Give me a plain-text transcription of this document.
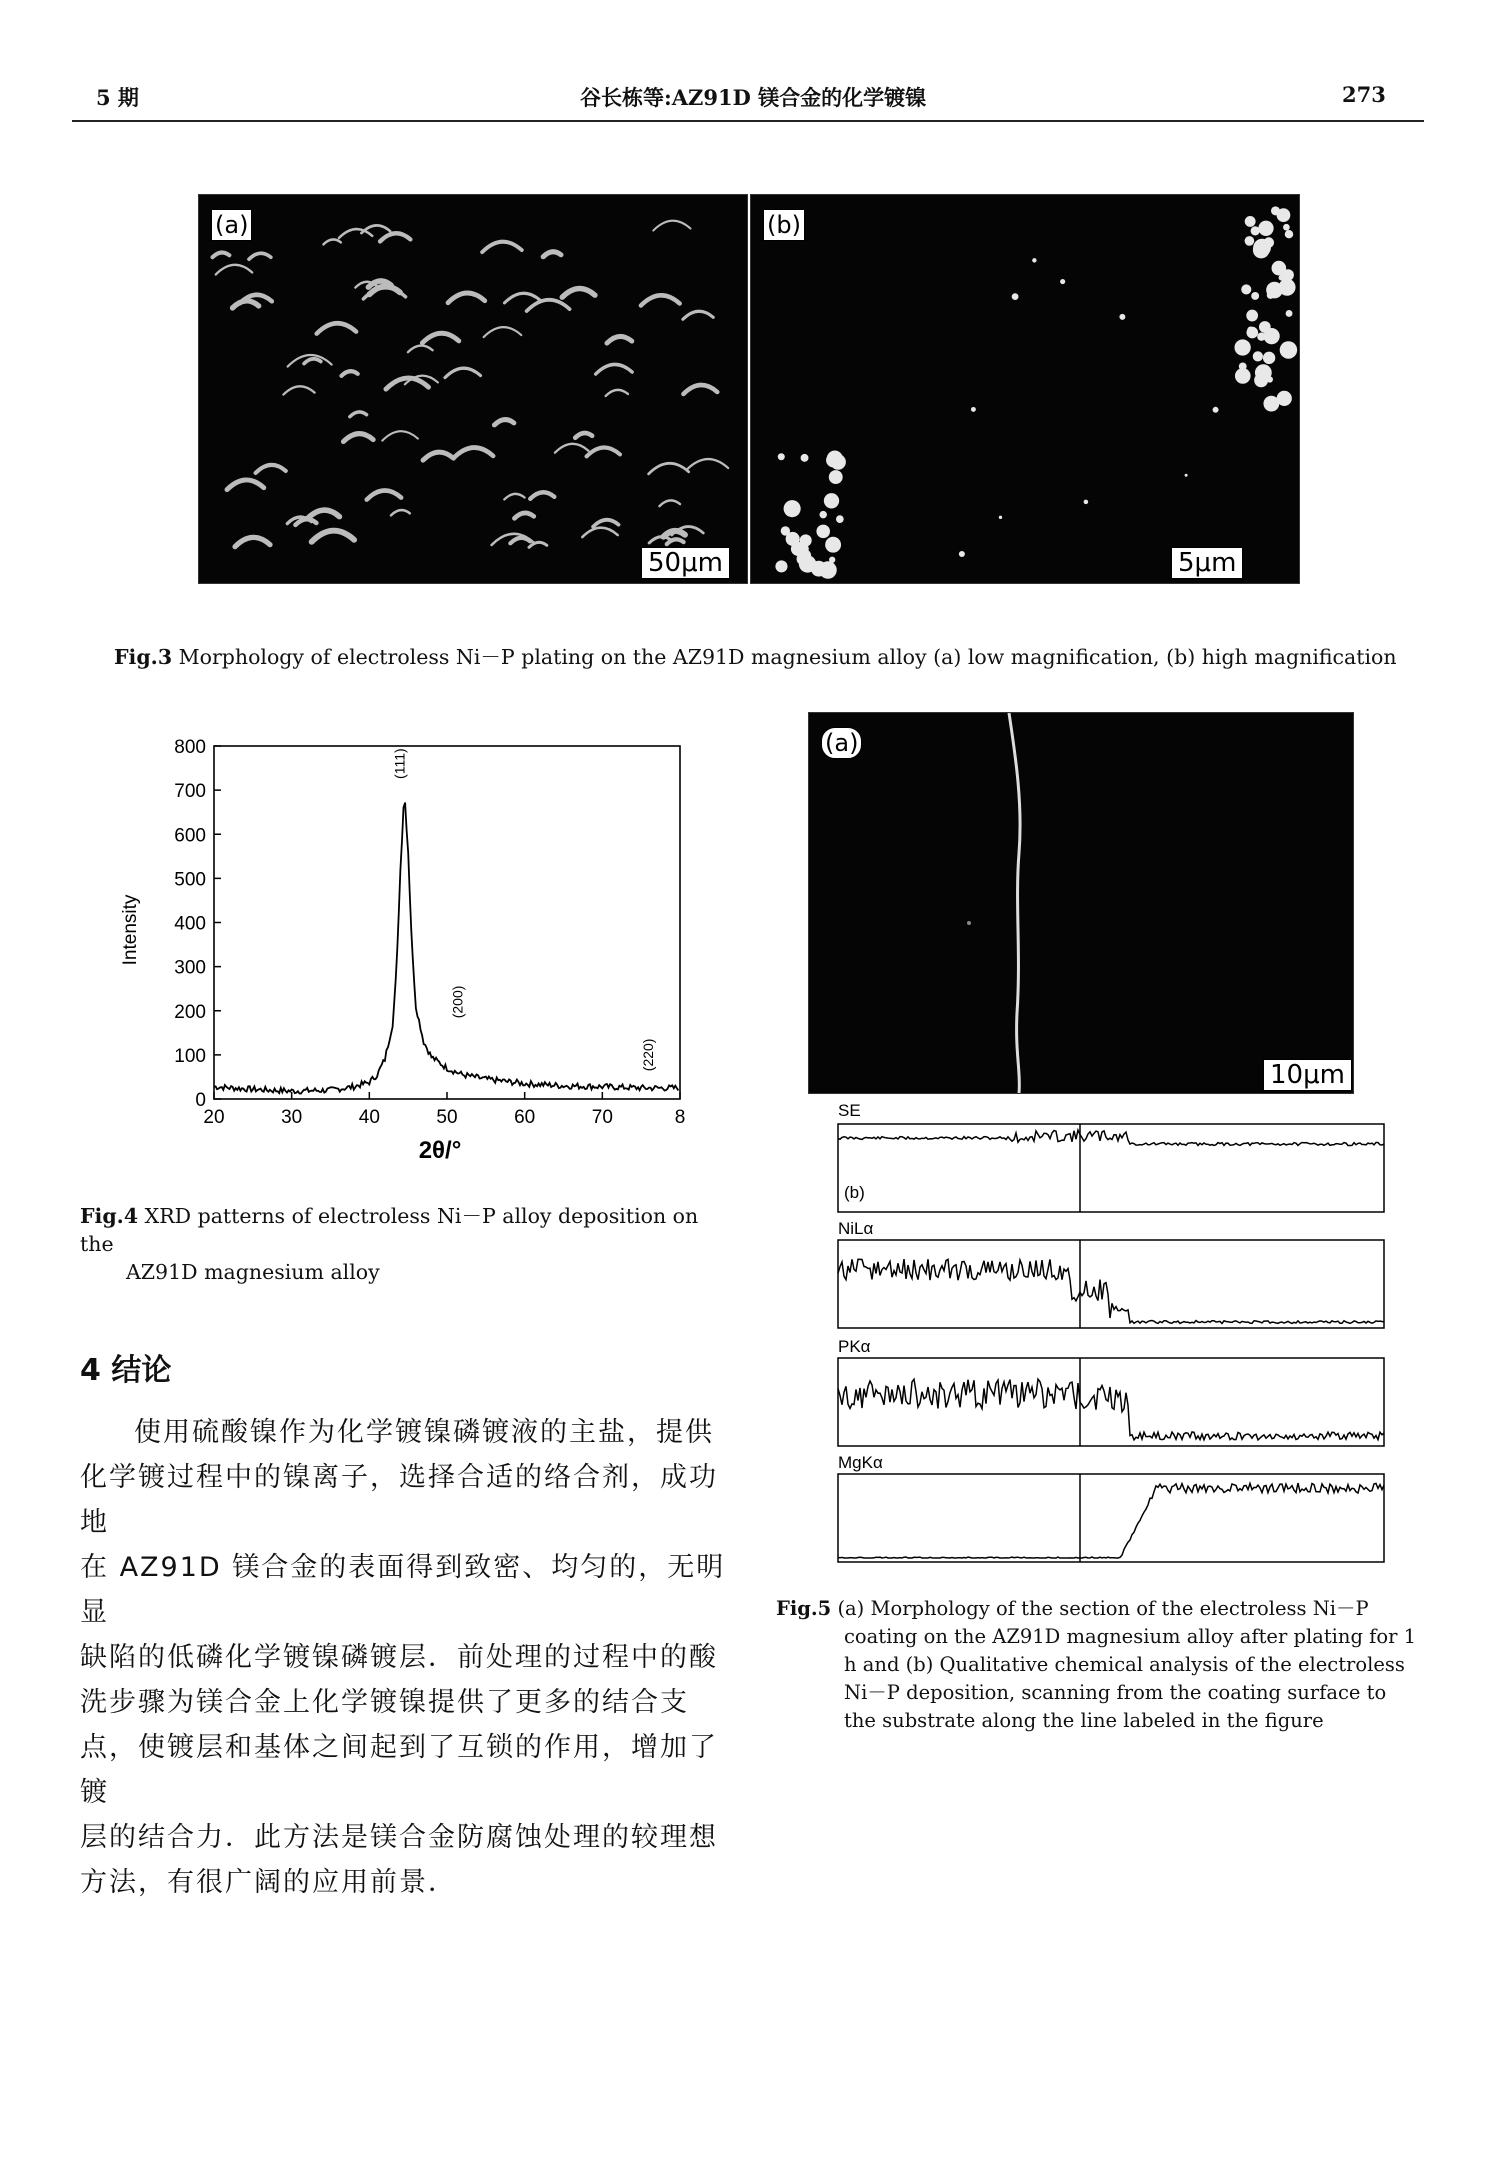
5 期	谷长栋等:AZ91D 镁合金的化学镀镍	273
(a)
50μm
(b)
5μm
Fig.3 Morphology of electroless Ni－P plating on the AZ91D magnesium alloy (a) low magnification, (b) high magnification
0
100
200
300
400
500
600
700
800
20	30	40	50	60	70	8
(111)
(200)
(220)
Intensity
2θ/°
Fig.4 XRD patterns of electroless Ni－P alloy deposition on the
AZ91D magnesium alloy
4 结论
使用硫酸镍作为化学镀镍磷镀液的主盐，提供
化学镀过程中的镍离子，选择合适的络合剂，成功地
在 AZ91D 镁合金的表面得到致密、均匀的，无明显
缺陷的低磷化学镀镍磷镀层．前处理的过程中的酸
洗步骤为镁合金上化学镀镍提供了更多的结合支
点，使镀层和基体之间起到了互锁的作用，增加了镀
层的结合力．此方法是镁合金防腐蚀处理的较理想
方法，有很广阔的应用前景．
(a)
10μm
SE
(b)
NiLα
PKα
MgKα
Fig.5 (a) Morphology of the section of the electroless Ni－P
coating on the AZ91D magnesium alloy after plating for 1
h and (b) Qualitative chemical analysis of the electroless
Ni－P deposition, scanning from the coating surface to
the substrate along the line labeled in the figure
